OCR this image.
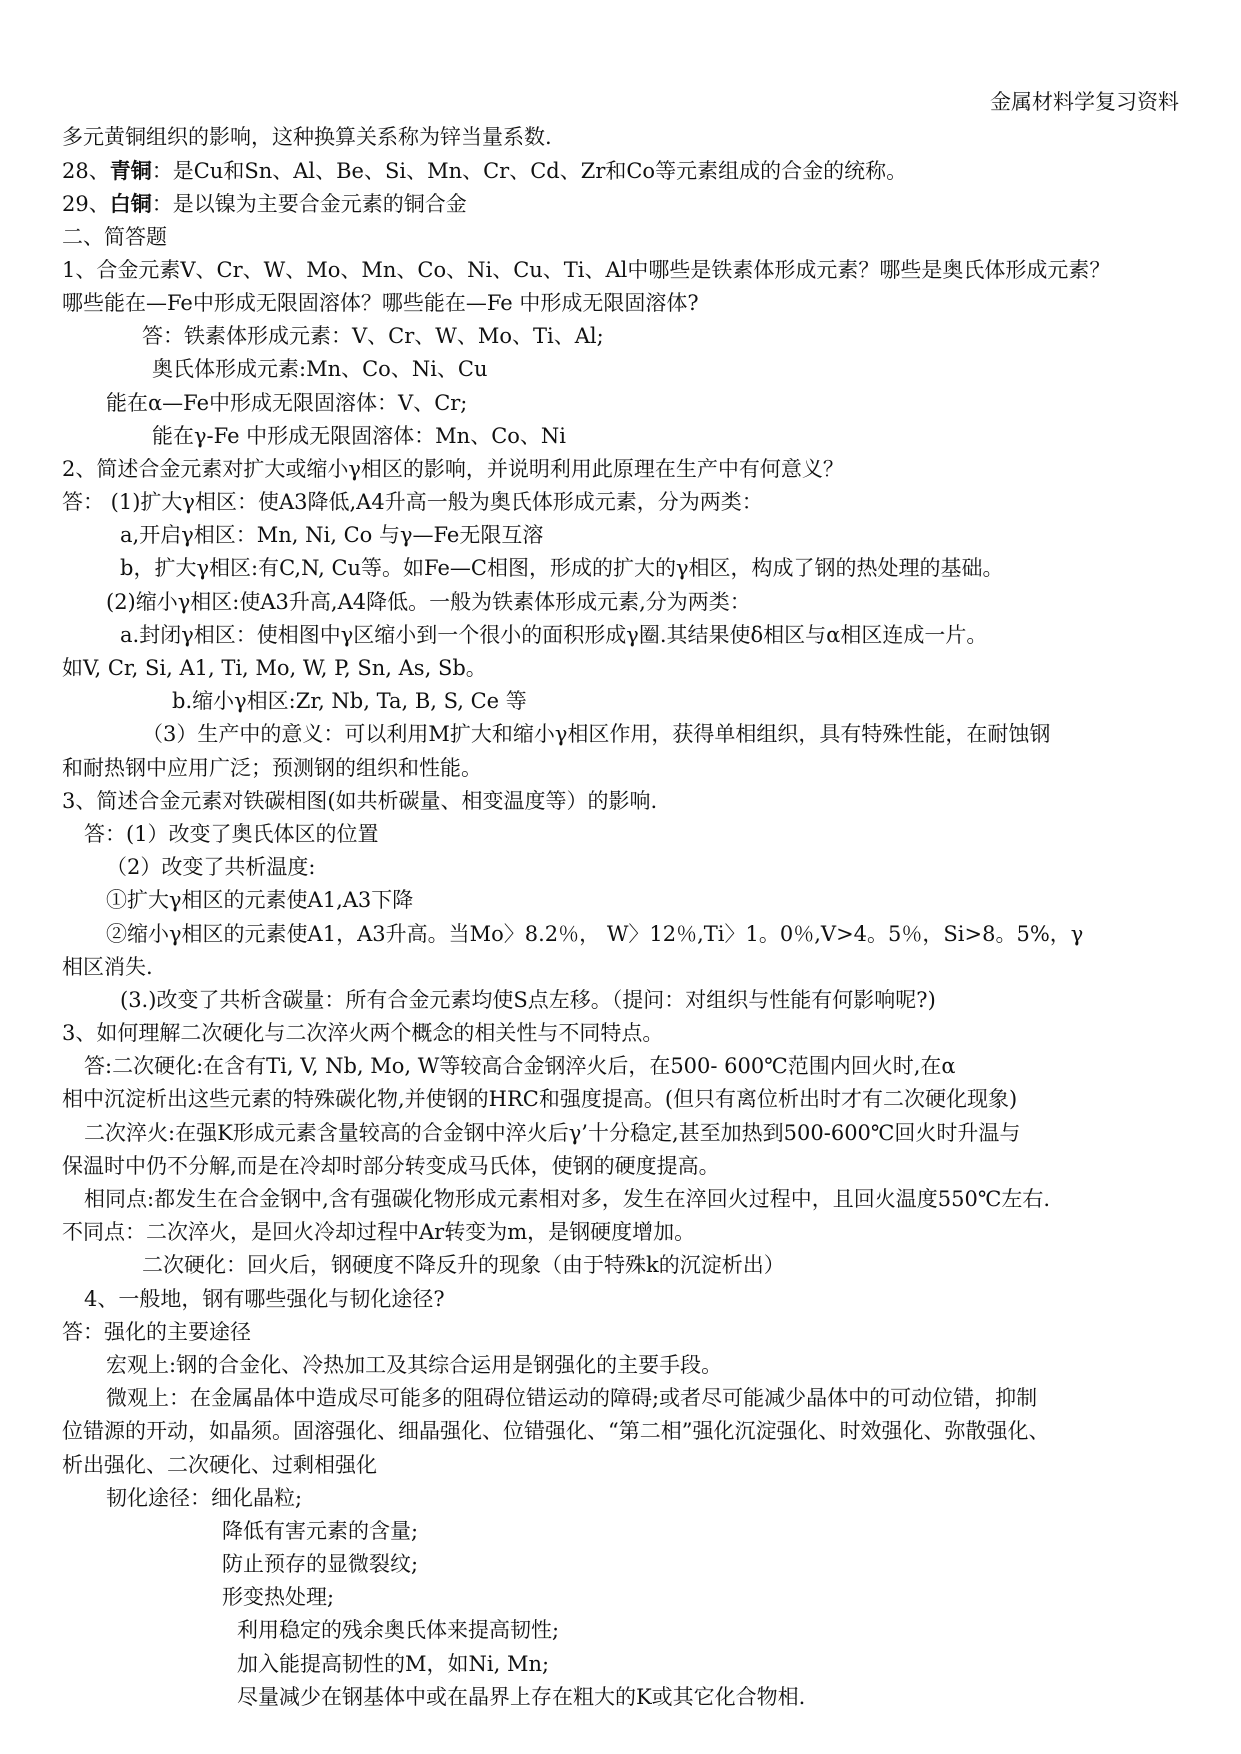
金属材料学复习资料
多元黄铜组织的影响，这种换算关系称为锌当量系数.
28、青铜：是Cu和Sn、Al、Be、Si、Mn、Cr、Cd、Zr和Co等元素组成的合金的统称。
29、白铜：是以镍为主要合金元素的铜合金
二、简答题
1、合金元素V、Cr、W、Mo、Mn、Co、Ni、Cu、Ti、Al中哪些是铁素体形成元素？哪些是奥氏体形成元素？
哪些能在—Fe中形成无限固溶体？哪些能在—Fe 中形成无限固溶体?
答：铁素体形成元素：V、Cr、W、Mo、Ti、Al;
奥氏体形成元素:Mn、Co、Ni、Cu
能在α—Fe中形成无限固溶体：V、Cr;
能在γ-Fe 中形成无限固溶体：Mn、Co、Ni
2、简述合金元素对扩大或缩小γ相区的影响，并说明利用此原理在生产中有何意义？
答： (1)扩大γ相区：使A3降低,A4升高一般为奥氏体形成元素，分为两类：
a,开启γ相区：Mn, Ni, Co 与γ—Fe无限互溶
b，扩大γ相区:有C,N, Cu等。如Fe—C相图，形成的扩大的γ相区，构成了钢的热处理的基础。
(2)缩小γ相区:使A3升高,A4降低。一般为铁素体形成元素,分为两类：
a.封闭γ相区：使相图中γ区缩小到一个很小的面积形成γ圈.其结果使δ相区与α相区连成一片。
如V, Cr, Si, A1, Ti, Mo, W, P, Sn, As, Sb。
b.缩小γ相区:Zr, Nb, Ta, B, S, Ce 等
（3）生产中的意义：可以利用M扩大和缩小γ相区作用，获得单相组织，具有特殊性能，在耐蚀钢
和耐热钢中应用广泛；预测钢的组织和性能。
3、简述合金元素对铁碳相图(如共析碳量、相变温度等）的影响.
答：(1）改变了奥氏体区的位置
（2）改变了共析温度:
①扩大γ相区的元素使A1,A3下降
②缩小γ相区的元素使A1，A3升高。当Mo〉8.2％， W〉12％,Ti〉1。0％,V>4。5％，Si>8。5%，γ
相区消失.
(3.)改变了共析含碳量：所有合金元素均使S点左移。（提问：对组织与性能有何影响呢?)
3、如何理解二次硬化与二次淬火两个概念的相关性与不同特点。
答:二次硬化:在含有Ti, V, Nb, Mo, W等较高合金钢淬火后，在500- 600℃范围内回火时,在α
相中沉淀析出这些元素的特殊碳化物,并使钢的HRC和强度提高。(但只有离位析出时才有二次硬化现象)
二次淬火:在强K形成元素含量较高的合金钢中淬火后γ’十分稳定,甚至加热到500-600℃回火时升温与
保温时中仍不分解,而是在冷却时部分转变成马氏体，使钢的硬度提高。
相同点:都发生在合金钢中,含有强碳化物形成元素相对多，发生在淬回火过程中，且回火温度550℃左右.
不同点：二次淬火，是回火冷却过程中Ar转变为m，是钢硬度增加。
二次硬化：回火后，钢硬度不降反升的现象（由于特殊k的沉淀析出）
4、一般地，钢有哪些强化与韧化途径?
答：强化的主要途径
宏观上:钢的合金化、冷热加工及其综合运用是钢强化的主要手段。
微观上：在金属晶体中造成尽可能多的阻碍位错运动的障碍;或者尽可能减少晶体中的可动位错，抑制
位错源的开动，如晶须。固溶强化、细晶强化、位错强化、“第二相”强化沉淀强化、时效强化、弥散强化、
析出强化、二次硬化、过剩相强化
韧化途径：细化晶粒;
降低有害元素的含量;
防止预存的显微裂纹;
形变热处理;
利用稳定的残余奥氏体来提高韧性;
加入能提高韧性的M，如Ni, Mn;
尽量减少在钢基体中或在晶界上存在粗大的K或其它化合物相.
